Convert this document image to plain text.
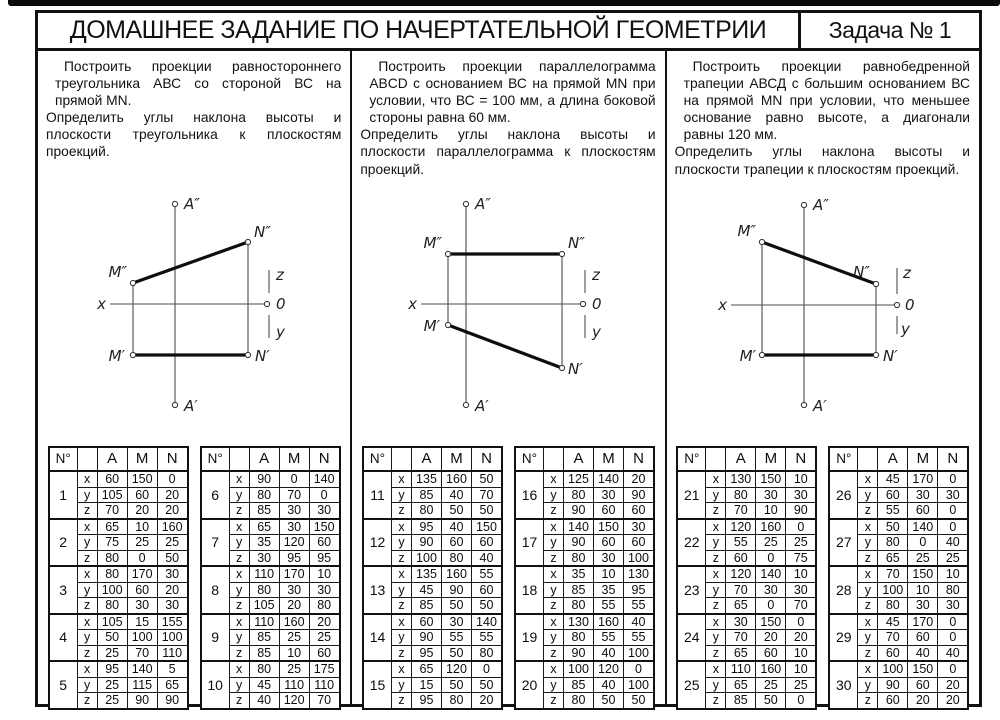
ДОМАШНЕЕ ЗАДАНИЕ ПО НАЧЕРТАТЕЛЬНОЙ ГЕОМЕТРИИ	Задача № 1

Построить проекции равностороннего треугольника АВС со стороной ВС на прямой MN.

Определить углы наклона высоты и плоскости треугольника к плоскостям проекций.

A″
A′
x	0
z
y
M″
N″
M′	N′
N°		A	M	N
1	x	60	150	0
	y	105	60	20
	z	70	20	20
2	x	65	10	160
	y	75	25	25
	z	80	0	50
3	x	80	170	30
	y	100	60	20
	z	80	30	30
4	x	105	15	155
	y	50	100	100
	z	25	70	110
5	x	95	140	5
	y	25	115	65
	z	25	90	90
N°		A	M	N
6	x	90	0	140
	y	80	70	0
	z	85	30	30
7	x	65	30	150
	y	35	120	60
	z	30	95	95
8	x	110	170	10
	y	80	30	30
	z	105	20	80
9	x	110	160	20
	y	85	25	25
	z	85	10	60
10	x	80	25	175
	y	45	110	110
	z	40	120	70

Построить проекции параллелограмма ABCD с основанием ВС на прямой MN при условии, что ВС = 100 мм, а длина боковой стороны равна 60 мм.

Определить углы наклона высоты и плоскости параллелограмма к плоскостям проекций.

A″
A′
x	0
z
y
M″	N″
M′
N′
N°		A	M	N
11	x	135	160	50
	y	85	40	70
	z	80	50	50
12	x	95	40	150
	y	90	60	60
	z	100	80	40
13	x	135	160	55
	y	45	90	60
	z	85	50	50
14	x	60	30	140
	y	90	55	55
	z	95	50	80
15	x	65	120	0
	y	15	50	50
	z	95	80	20
N°		A	M	N
16	x	125	140	20
	y	80	30	90
	z	90	60	60
17	x	140	150	30
	y	90	60	60
	z	80	30	100
18	x	35	10	130
	y	85	35	95
	z	80	55	55
19	x	130	160	40
	y	80	55	55
	z	90	40	100
20	x	100	120	0
	y	85	40	100
	z	80	50	50

Построить проекции равнобедренной трапеции АВСД с большим основанием ВС на прямой MN при условии, что меньшее основание равно высоте, а диагонали равны 120 мм.

Определить углы наклона высоты и плоскости трапеции к плоскостям проекций.

A″
A′
x	0
z
y
M″
N″
M′	N′
N°		A	M	N
21	x	130	150	10
	y	80	30	30
	z	70	10	90
22	x	120	160	0
	y	55	25	25
	z	60	0	75
23	x	120	140	10
	y	70	30	30
	z	65	0	70
24	x	30	150	0
	y	70	20	20
	z	65	60	10
25	x	110	160	10
	y	65	25	25
	z	85	50	0
N°		A	M	N
26	x	45	170	0
	y	60	30	30
	z	55	60	0
27	x	50	140	0
	y	80	0	40
	z	65	25	25
28	x	70	150	10
	y	100	10	80
	z	80	30	30
29	x	45	170	0
	y	70	60	0
	z	60	40	40
30	x	100	150	0
	y	90	60	20
	z	60	20	20
